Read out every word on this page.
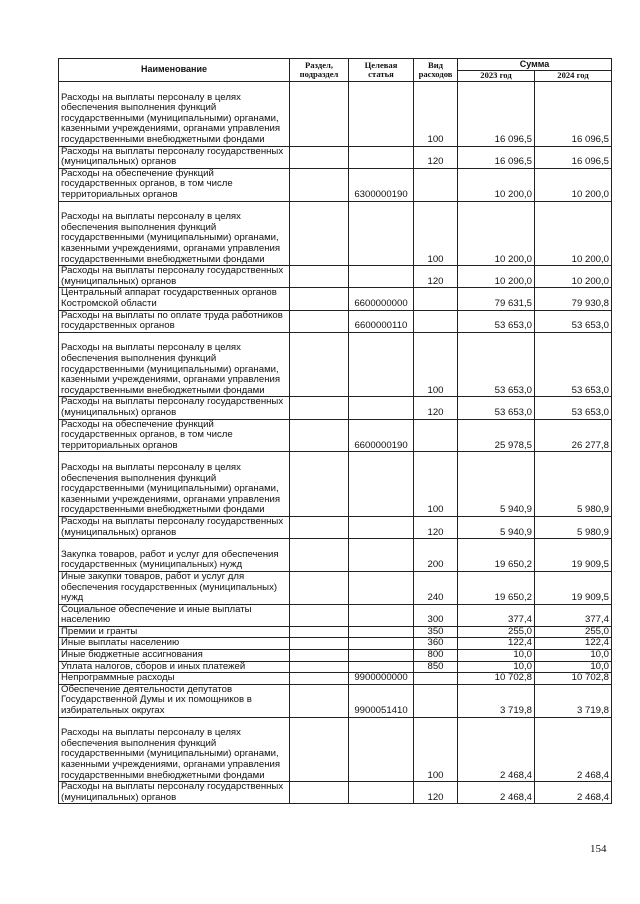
Наименование	Раздел, подраздел	Целевая статья	Вид расходов	Сумма	
				2023 год	2024 год
Расходы на выплаты персоналу в целях обеспечения выполнения функций государственными (муниципальными) органами, казенными учреждениями, органами управления государственными внебюджетными фондами			100	16 096,5	16 096,5
Расходы на выплаты персоналу государственных (муниципальных) органов			120	16 096,5	16 096,5
Расходы на обеспечение функций государственных органов, в том числе территориальных органов		6300000190		10 200,0	10 200,0
Расходы на выплаты персоналу в целях обеспечения выполнения функций государственными (муниципальными) органами, казенными учреждениями, органами управления государственными внебюджетными фондами			100	10 200,0	10 200,0
Расходы на выплаты персоналу государственных (муниципальных) органов			120	10 200,0	10 200,0
Центральный аппарат государственных органов Костромской области		6600000000		79 631,5	79 930,8
Расходы на выплаты по оплате труда работников государственных органов		6600000110		53 653,0	53 653,0
Расходы на выплаты персоналу в целях обеспечения выполнения функций государственными (муниципальными) органами, казенными учреждениями, органами управления государственными внебюджетными фондами			100	53 653,0	53 653,0
Расходы на выплаты персоналу государственных (муниципальных) органов			120	53 653,0	53 653,0
Расходы на обеспечение функций государственных органов, в том числе территориальных органов		6600000190		25 978,5	26 277,8
Расходы на выплаты персоналу в целях обеспечения выполнения функций государственными (муниципальными) органами, казенными учреждениями, органами управления государственными внебюджетными фондами			100	5 940,9	5 980,9
Расходы на выплаты персоналу государственных (муниципальных) органов			120	5 940,9	5 980,9
Закупка товаров, работ и услуг для обеспечения государственных (муниципальных) нужд			200	19 650,2	19 909,5
Иные закупки товаров, работ и услуг для обеспечения государственных (муниципальных) нужд			240	19 650,2	19 909,5
Социальное обеспечение и иные выплаты населению			300	377,4	377,4
Премии и гранты			350	255,0	255,0
Иные выплаты населению			360	122,4	122,4
Иные бюджетные ассигнования			800	10,0	10,0
Уплата налогов, сборов и иных платежей			850	10,0	10,0
Непрограммные расходы		9900000000		10 702,8	10 702,8
Обеспечение деятельности депутатов Государственной Думы и их помощников в избирательных округах		9900051410		3 719,8	3 719,8
Расходы на выплаты персоналу в целях обеспечения выполнения функций государственными (муниципальными) органами, казенными учреждениями, органами управления государственными внебюджетными фондами			100	2 468,4	2 468,4
Расходы на выплаты персоналу государственных (муниципальных) органов			120	2 468,4	2 468,4
154
